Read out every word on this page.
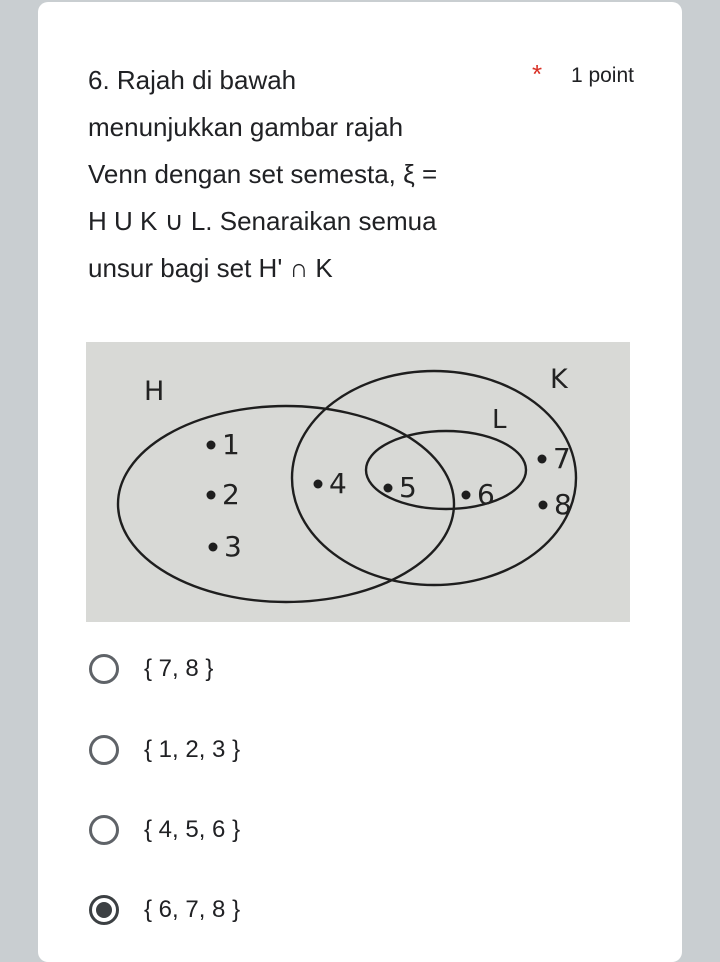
6. Rajah di bawah
menunjukkan gambar rajah
Venn dengan set semesta, ξ =
H U K ∪ L. Senaraikan semua
unsur bagi set H' ∩ K

* 1 point
H	K
L
1
2
3
4 5 6
7
8
{ 7, 8 }
{ 1, 2, 3 }
{ 4, 5, 6 }
{ 6, 7, 8 }
